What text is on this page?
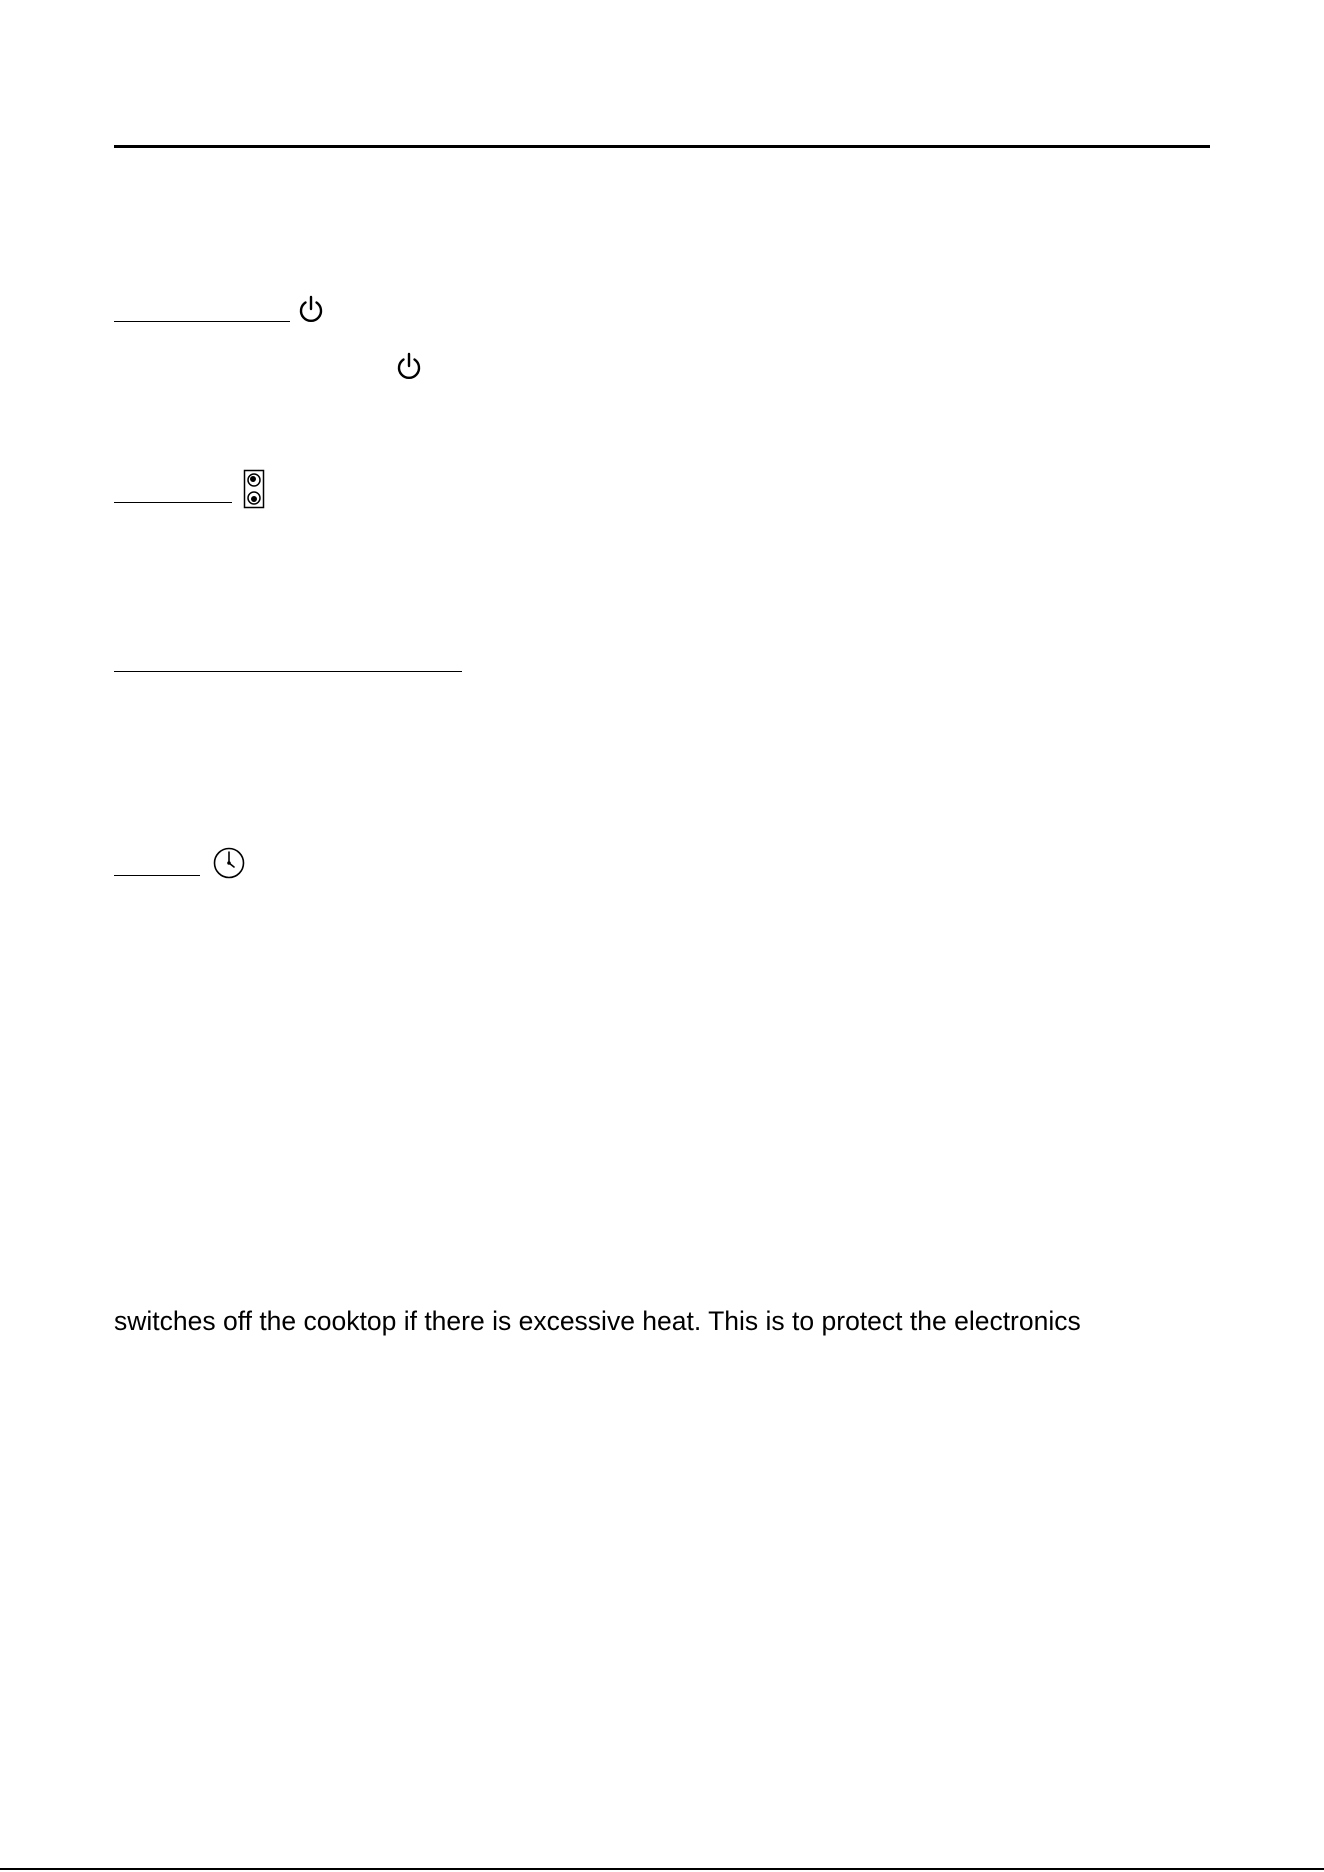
switches off the cooktop if there is excessive heat. This is to protect the electronics
